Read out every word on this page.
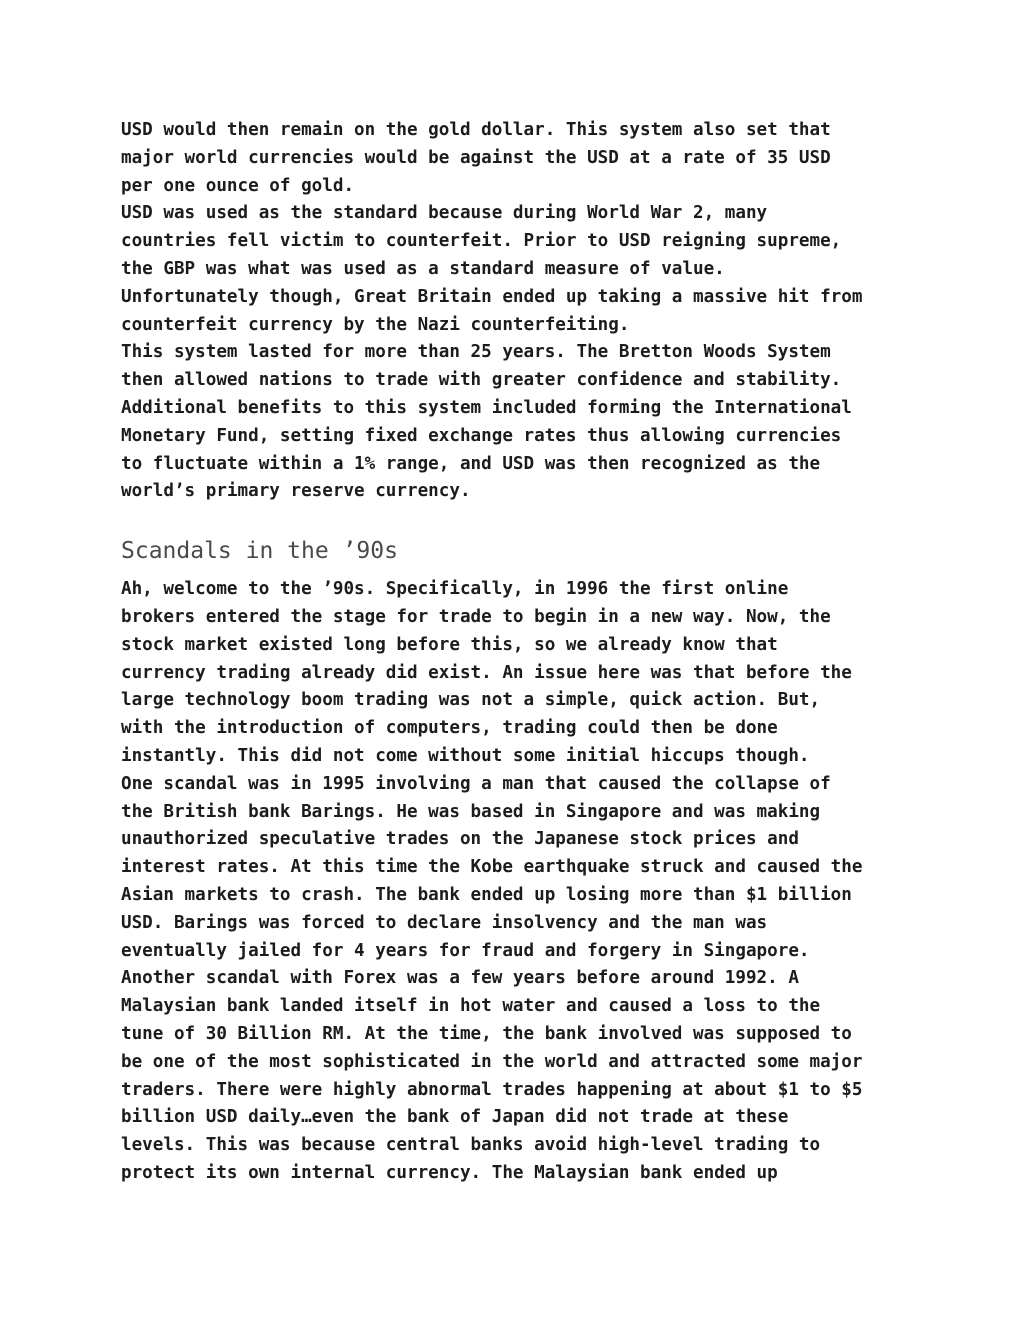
USD would then remain on the gold dollar. This system also set that
major world currencies would be against the USD at a rate of 35 USD
per one ounce of gold.

USD was used as the standard because during World War 2, many
countries fell victim to counterfeit. Prior to USD reigning supreme,
the GBP was what was used as a standard measure of value.
Unfortunately though, Great Britain ended up taking a massive hit from
counterfeit currency by the Nazi counterfeiting.

This system lasted for more than 25 years. The Bretton Woods System
then allowed nations to trade with greater confidence and stability.
Additional benefits to this system included forming the International
Monetary Fund, setting fixed exchange rates thus allowing currencies
to fluctuate within a 1% range, and USD was then recognized as the
world’s primary reserve currency.

Scandals in the ’90s

Ah, welcome to the ’90s. Specifically, in 1996 the first online
brokers entered the stage for trade to begin in a new way. Now, the
stock market existed long before this, so we already know that
currency trading already did exist. An issue here was that before the
large technology boom trading was not a simple, quick action. But,
with the introduction of computers, trading could then be done
instantly. This did not come without some initial hiccups though.

One scandal was in 1995 involving a man that caused the collapse of
the British bank Barings. He was based in Singapore and was making
unauthorized speculative trades on the Japanese stock prices and
interest rates. At this time the Kobe earthquake struck and caused the
Asian markets to crash. The bank ended up losing more than $1 billion
USD. Barings was forced to declare insolvency and the man was
eventually jailed for 4 years for fraud and forgery in Singapore.

Another scandal with Forex was a few years before around 1992. A
Malaysian bank landed itself in hot water and caused a loss to the
tune of 30 Billion RM. At the time, the bank involved was supposed to
be one of the most sophisticated in the world and attracted some major
traders. There were highly abnormal trades happening at about $1 to $5
billion USD daily…even the bank of Japan did not trade at these
levels. This was because central banks avoid high-level trading to
protect its own internal currency. The Malaysian bank ended up
